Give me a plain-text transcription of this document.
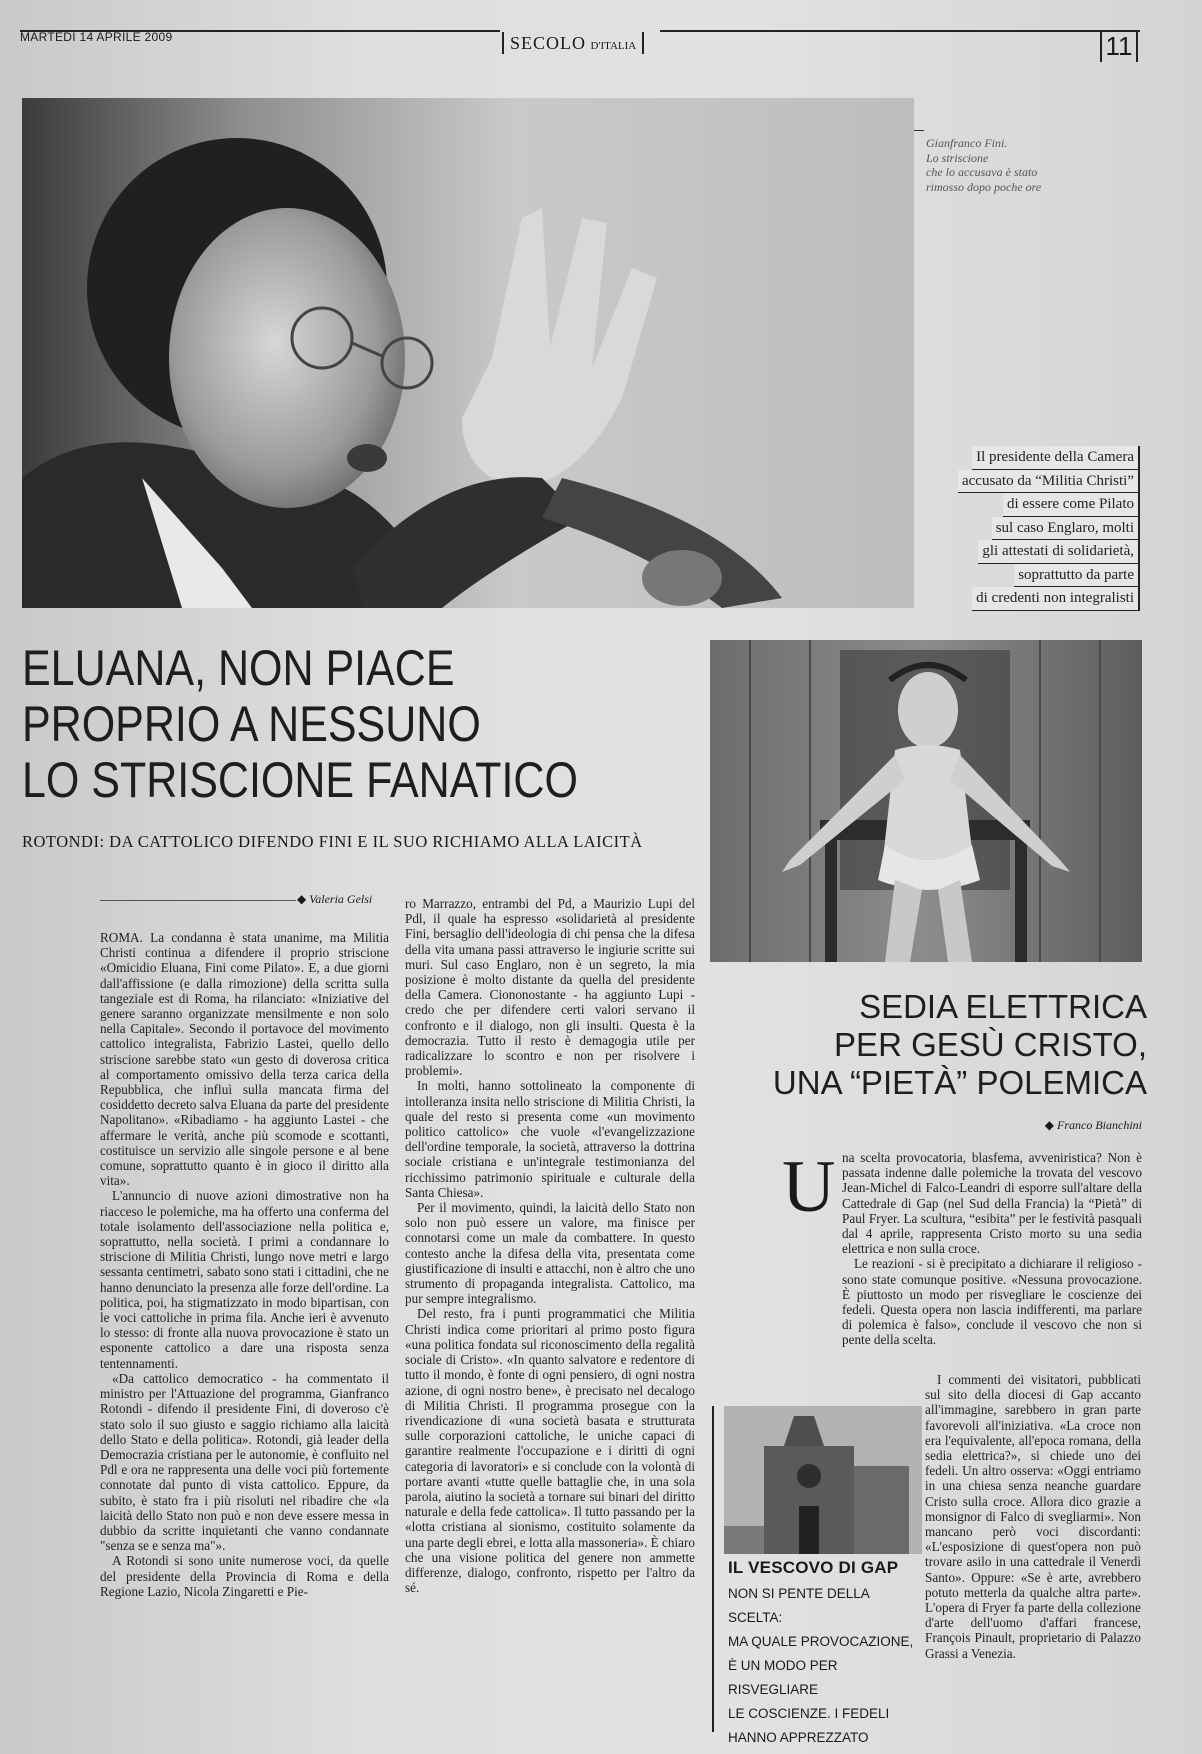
MARTEDÌ 14 APRILE 2009	SECOLO D'ITALIA	11
Gianfranco Fini.
Lo striscione
che lo accusava è stato
rimosso dopo poche ore
Il presidente della Camera
accusato da “Militia Christi”
di essere come Pilato
sul caso Englaro, molti
gli attestati di solidarietà,
soprattutto da parte
di credenti non integralisti
ELUANA, NON PIACE
PROPRIO A NESSUNO
LO STRISCIONE FANATICO
ROTONDI: DA CATTOLICO DIFENDO FINI E IL SUO RICHIAMO ALLA LAICITÀ
◆ Valeria Gelsi

ROMA. La condanna è stata unanime, ma Militia Christi continua a difendere il proprio striscione «Omicidio Eluana, Fini come Pilato». E, a due giorni dall'affissione (e dalla rimozione) della scritta sulla tangeziale est di Roma, ha rilanciato: «Iniziative del genere saranno organizzate mensilmente e non solo nella Capitale». Secondo il portavoce del movimento cattolico integralista, Fabrizio Lastei, quello dello striscione sarebbe stato «un gesto di doverosa critica al comportamento omissivo della terza carica della Repubblica, che influì sulla mancata firma del cosiddetto decreto salva Eluana da parte del presidente Napolitano». «Ribadiamo - ha aggiunto Lastei - che affermare le verità, anche più scomode e scottanti, costituisce un servizio alle singole persone e al bene comune, soprattutto quanto è in gioco il diritto alla vita».

L'annuncio di nuove azioni dimostrative non ha riacceso le polemiche, ma ha offerto una conferma del totale isolamento dell'associazione nella politica e, soprattutto, nella società. I primi a condannare lo striscione di Militia Christi, lungo nove metri e largo sessanta centimetri, sabato sono stati i cittadini, che ne hanno denunciato la presenza alle forze dell'ordine. La politica, poi, ha stigmatizzato in modo bipartisan, con le voci cattoliche in prima fila. Anche ieri è avvenuto lo stesso: di fronte alla nuova provocazione è stato un esponente cattolico a dare una risposta senza tentennamenti.

«Da cattolico democratico - ha commentato il ministro per l'Attuazione del programma, Gianfranco Rotondi - difendo il presidente Fini, di doveroso c'è stato solo il suo giusto e saggio richiamo alla laicità dello Stato e della politica». Rotondi, già leader della Democrazia cristiana per le autonomie, è confluito nel Pdl e ora ne rappresenta una delle voci più fortemente connotate dal punto di vista cattolico. Eppure, da subito, è stato fra i più risoluti nel ribadire che «la laicità dello Stato non può e non deve essere messa in dubbio da scritte inquietanti che vanno condannate "senza se e senza ma"».

A Rotondi si sono unite numerose voci, da quelle del presidente della Provincia di Roma e della Regione Lazio, Nicola Zingaretti e Pie-

ro Marrazzo, entrambi del Pd, a Maurizio Lupi del Pdl, il quale ha espresso «solidarietà al presidente Fini, bersaglio dell'ideologia di chi pensa che la difesa della vita umana passi attraverso le ingiurie scritte sui muri. Sul caso Englaro, non è un segreto, la mia posizione è molto distante da quella del presidente della Camera. Ciononostante - ha aggiunto Lupi - credo che per difendere certi valori servano il confronto e il dialogo, non gli insulti. Questa è la democrazia. Tutto il resto è demagogia utile per radicalizzare lo scontro e non per risolvere i problemi».

In molti, hanno sottolineato la componente di intolleranza insita nello striscione di Militia Christi, la quale del resto si presenta come «un movimento politico cattolico» che vuole «l'evangelizzazione dell'ordine temporale, la società, attraverso la dottrina sociale cristiana e un'integrale testimonianza del ricchissimo patrimonio spirituale e culturale della Santa Chiesa».

Per il movimento, quindi, la laicità dello Stato non solo non può essere un valore, ma finisce per connotarsi come un male da combattere. In questo contesto anche la difesa della vita, presentata come giustificazione di insulti e attacchi, non è altro che uno strumento di propaganda integralista. Cattolico, ma pur sempre integralismo.

Del resto, fra i punti programmatici che Militia Christi indica come prioritari al primo posto figura «una politica fondata sul riconoscimento della regalità sociale di Cristo». «In quanto salvatore e redentore di tutto il mondo, è fonte di ogni pensiero, di ogni nostra azione, di ogni nostro bene», è precisato nel decalogo di Militia Christi. Il programma prosegue con la rivendicazione di «una società basata e strutturata sulle corporazioni cattoliche, le uniche capaci di garantire realmente l'occupazione e i diritti di ogni categoria di lavoratori» e si conclude con la volontà di portare avanti «tutte quelle battaglie che, in una sola parola, aiutino la società a tornare sui binari del diritto naturale e della fede cattolica». Il tutto passando per la «lotta cristiana al sionismo, costituito solamente da una parte degli ebrei, e lotta alla massoneria». È chiaro che una visione politica del genere non ammette differenze, dialogo, confronto, rispetto per l'altro da sé.

SEDIA ELETTRICA
PER GESÙ CRISTO,
UNA “PIETÀ” POLEMICA
◆ Franco Bianchini
U na scelta provocatoria, blasfema, avveniristica? Non è passata indenne dalle polemiche la trovata del vescovo Jean-Michel di Falco-Leandri di esporre sull'altare della Cattedrale di Gap (nel Sud della Francia) la “Pietà” di Paul Fryer. La scultura, “esibita” per le festività pasquali dal 4 aprile, rappresenta Cristo morto su una sedia elettrica e non sulla croce.

Le reazioni - si è precipitato a dichiarare il religioso - sono state comunque positive. «Nessuna provocazione. È piuttosto un modo per risvegliare le coscienze dei fedeli. Questa opera non lascia indifferenti, ma parlare di polemica è falso», conclude il vescovo che non si pente della scelta.

I commenti dei visitatori, pubblicati sul sito della diocesi di Gap accanto all'immagine, sarebbero in gran parte favorevoli all'iniziativa. «La croce non era l'equivalente, all'epoca romana, della sedia elettrica?», si chiede uno dei fedeli. Un altro osserva: «Oggi entriamo in una chiesa senza neanche guardare Cristo sulla croce. Allora dico grazie a monsignor di Falco di svegliarmi». Non mancano però voci discordanti: «L'esposizione di quest'opera non può trovare asilo in una cattedrale il Venerdì Santo». Oppure: «Se è arte, avrebbero potuto metterla da qualche altra parte». L'opera di Fryer fa parte della collezione d'arte dell'uomo d'affari francese, François Pinault, proprietario di Palazzo Grassi a Venezia.

IL VESCOVO DI GAP
NON SI PENTE DELLA SCELTA:
MA QUALE PROVOCAZIONE,
È UN MODO PER RISVEGLIARE
LE COSCIENZE. I FEDELI
HANNO APPREZZATO
